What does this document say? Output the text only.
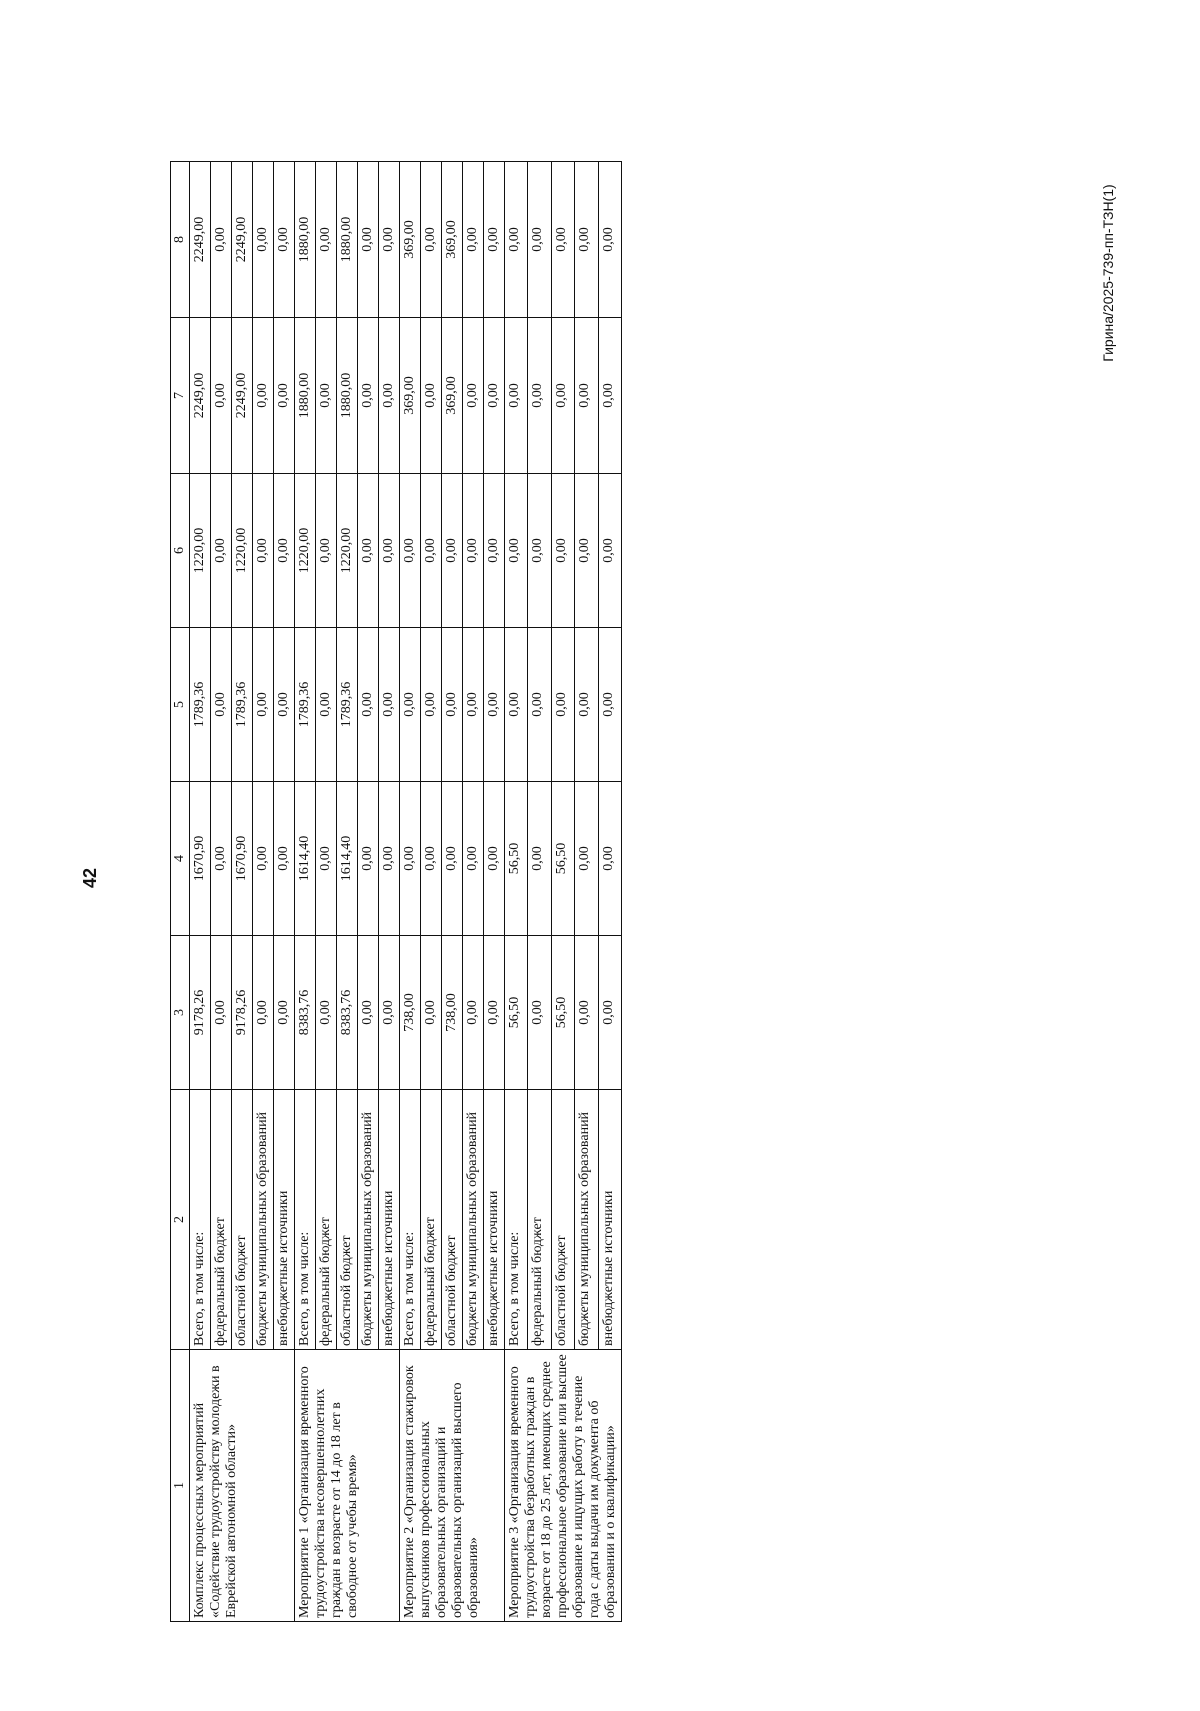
42
Гирина/2025-739-пп-ТЗН(1)
1	2	3	4	5	6	7	8
Комплекс процессных мероприятий «Содействие трудоустройству молодежи в Еврейской автономной области»	Всего, в том числе:	9178,26	1670,90	1789,36	1220,00	2249,00	2249,00
	федеральный бюджет	0,00	0,00	0,00	0,00	0,00	0,00
	областной бюджет	9178,26	1670,90	1789,36	1220,00	2249,00	2249,00
	бюджеты муниципальных образований	0,00	0,00	0,00	0,00	0,00	0,00
	внебюджетные источники	0,00	0,00	0,00	0,00	0,00	0,00
Мероприятие 1 «Организация временного трудоустройства несовершеннолетних граждан в возрасте от 14 до 18 лет в свободное от учебы время»	Всего, в том числе:	8383,76	1614,40	1789,36	1220,00	1880,00	1880,00
	федеральный бюджет	0,00	0,00	0,00	0,00	0,00	0,00
	областной бюджет	8383,76	1614,40	1789,36	1220,00	1880,00	1880,00
	бюджеты муниципальных образований	0,00	0,00	0,00	0,00	0,00	0,00
	внебюджетные источники	0,00	0,00	0,00	0,00	0,00	0,00
Мероприятие 2 «Организация стажировок выпускников профессиональных образовательных организаций и образовательных организаций высшего образования»	Всего, в том числе:	738,00	0,00	0,00	0,00	369,00	369,00
	федеральный бюджет	0,00	0,00	0,00	0,00	0,00	0,00
	областной бюджет	738,00	0,00	0,00	0,00	369,00	369,00
	бюджеты муниципальных образований	0,00	0,00	0,00	0,00	0,00	0,00
	внебюджетные источники	0,00	0,00	0,00	0,00	0,00	0,00
Мероприятие 3 «Организация временного трудоустройства безработных граждан в возрасте от 18 до 25 лет, имеющих среднее профессиональное образование или высшее образование и ищущих работу в течение года с даты выдачи им документа об образовании и о квалификации»	Всего, в том числе:	56,50	56,50	0,00	0,00	0,00	0,00
	федеральный бюджет	0,00	0,00	0,00	0,00	0,00	0,00
	областной бюджет	56,50	56,50	0,00	0,00	0,00	0,00
	бюджеты муниципальных образований	0,00	0,00	0,00	0,00	0,00	0,00
	внебюджетные источники	0,00	0,00	0,00	0,00	0,00	0,00
